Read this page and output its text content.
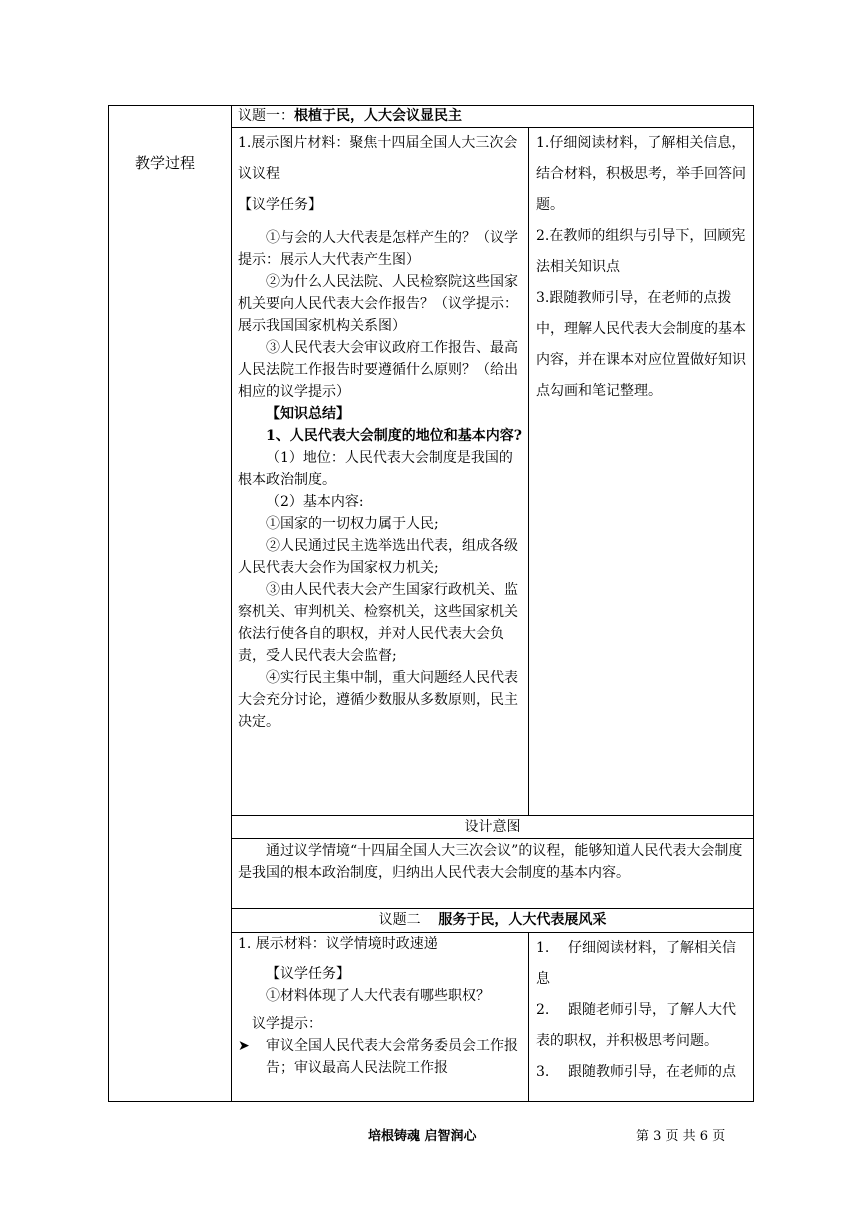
教学过程
议题一：根植于民，人大会议显民主

1.展示图片材料：聚焦十四届全国人大三次会议议程

【议学任务】

①与会的人大代表是怎样产生的？（议学提示：展示人大代表产生图）

②为什么人民法院、人民检察院这些国家机关要向人民代表大会作报告？（议学提示：展示我国国家机构关系图）

③人民代表大会审议政府工作报告、最高人民法院工作报告时要遵循什么原则？（给出相应的议学提示）

【知识总结】

1、人民代表大会制度的地位和基本内容?

（1）地位：人民代表大会制度是我国的根本政治制度。

（2）基本内容:

①国家的一切权力属于人民;

②人民通过民主选举选出代表，组成各级人民代表大会作为国家权力机关;

③由人民代表大会产生国家行政机关、监察机关、审判机关、检察机关，这些国家机关依法行使各自的职权，并对人民代表大会负责，受人民代表大会监督;

④实行民主集中制，重大问题经人民代表大会充分讨论，遵循少数服从多数原则，民主决定。

1.仔细阅读材料，了解相关信息，结合材料，积极思考，举手回答问题。

2.在教师的组织与引导下，回顾宪法相关知识点

3.跟随教师引导，在老师的点拨中，理解人民代表大会制度的基本内容，并在课本对应位置做好知识点勾画和笔记整理。

设计意图

通过议学情境“十四届全国人大三次会议”的议程，能够知道人民代表大会制度是我国的根本政治制度，归纳出人民代表大会制度的基本内容。

议题二 服务于民，人大代表展风采

1. 展示材料：议学情境时政速递

【议学任务】

①材料体现了人大代表有哪些职权？

议学提示：

➤ 审议全国人民代表大会常务委员会工作报告；审议最高人民法院工作报
1. 仔细阅读材料，了解相关信息
2. 跟随老师引导，了解人大代表的职权，并积极思考问题。
3. 跟随教师引导，在老师的点
培根铸魂 启智润心	第 3 页 共 6 页
